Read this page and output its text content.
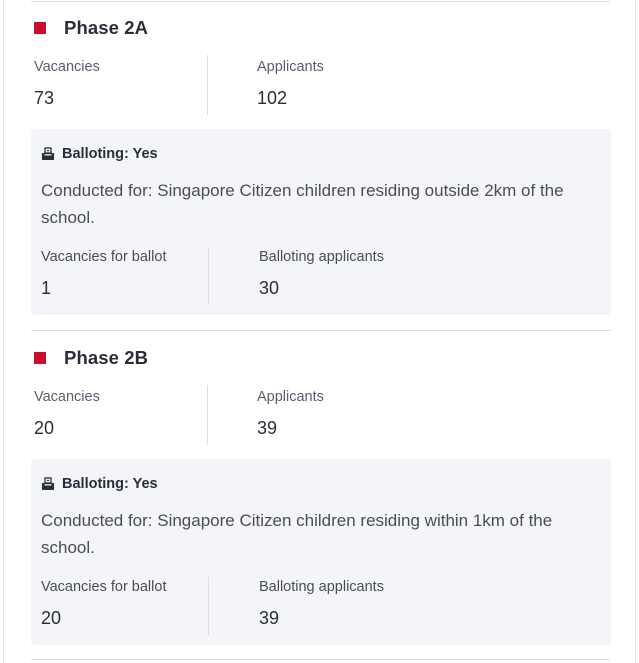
Phase 2A
Vacancies
73
Applicants
102
Balloting: Yes
Conducted for: Singapore Citizen children residing outside 2km of the school.
Vacancies for ballot
1
Balloting applicants
30
Phase 2B
Vacancies
20
Applicants
39
Balloting: Yes
Conducted for: Singapore Citizen children residing within 1km of the school.
Vacancies for ballot
20
Balloting applicants
39
